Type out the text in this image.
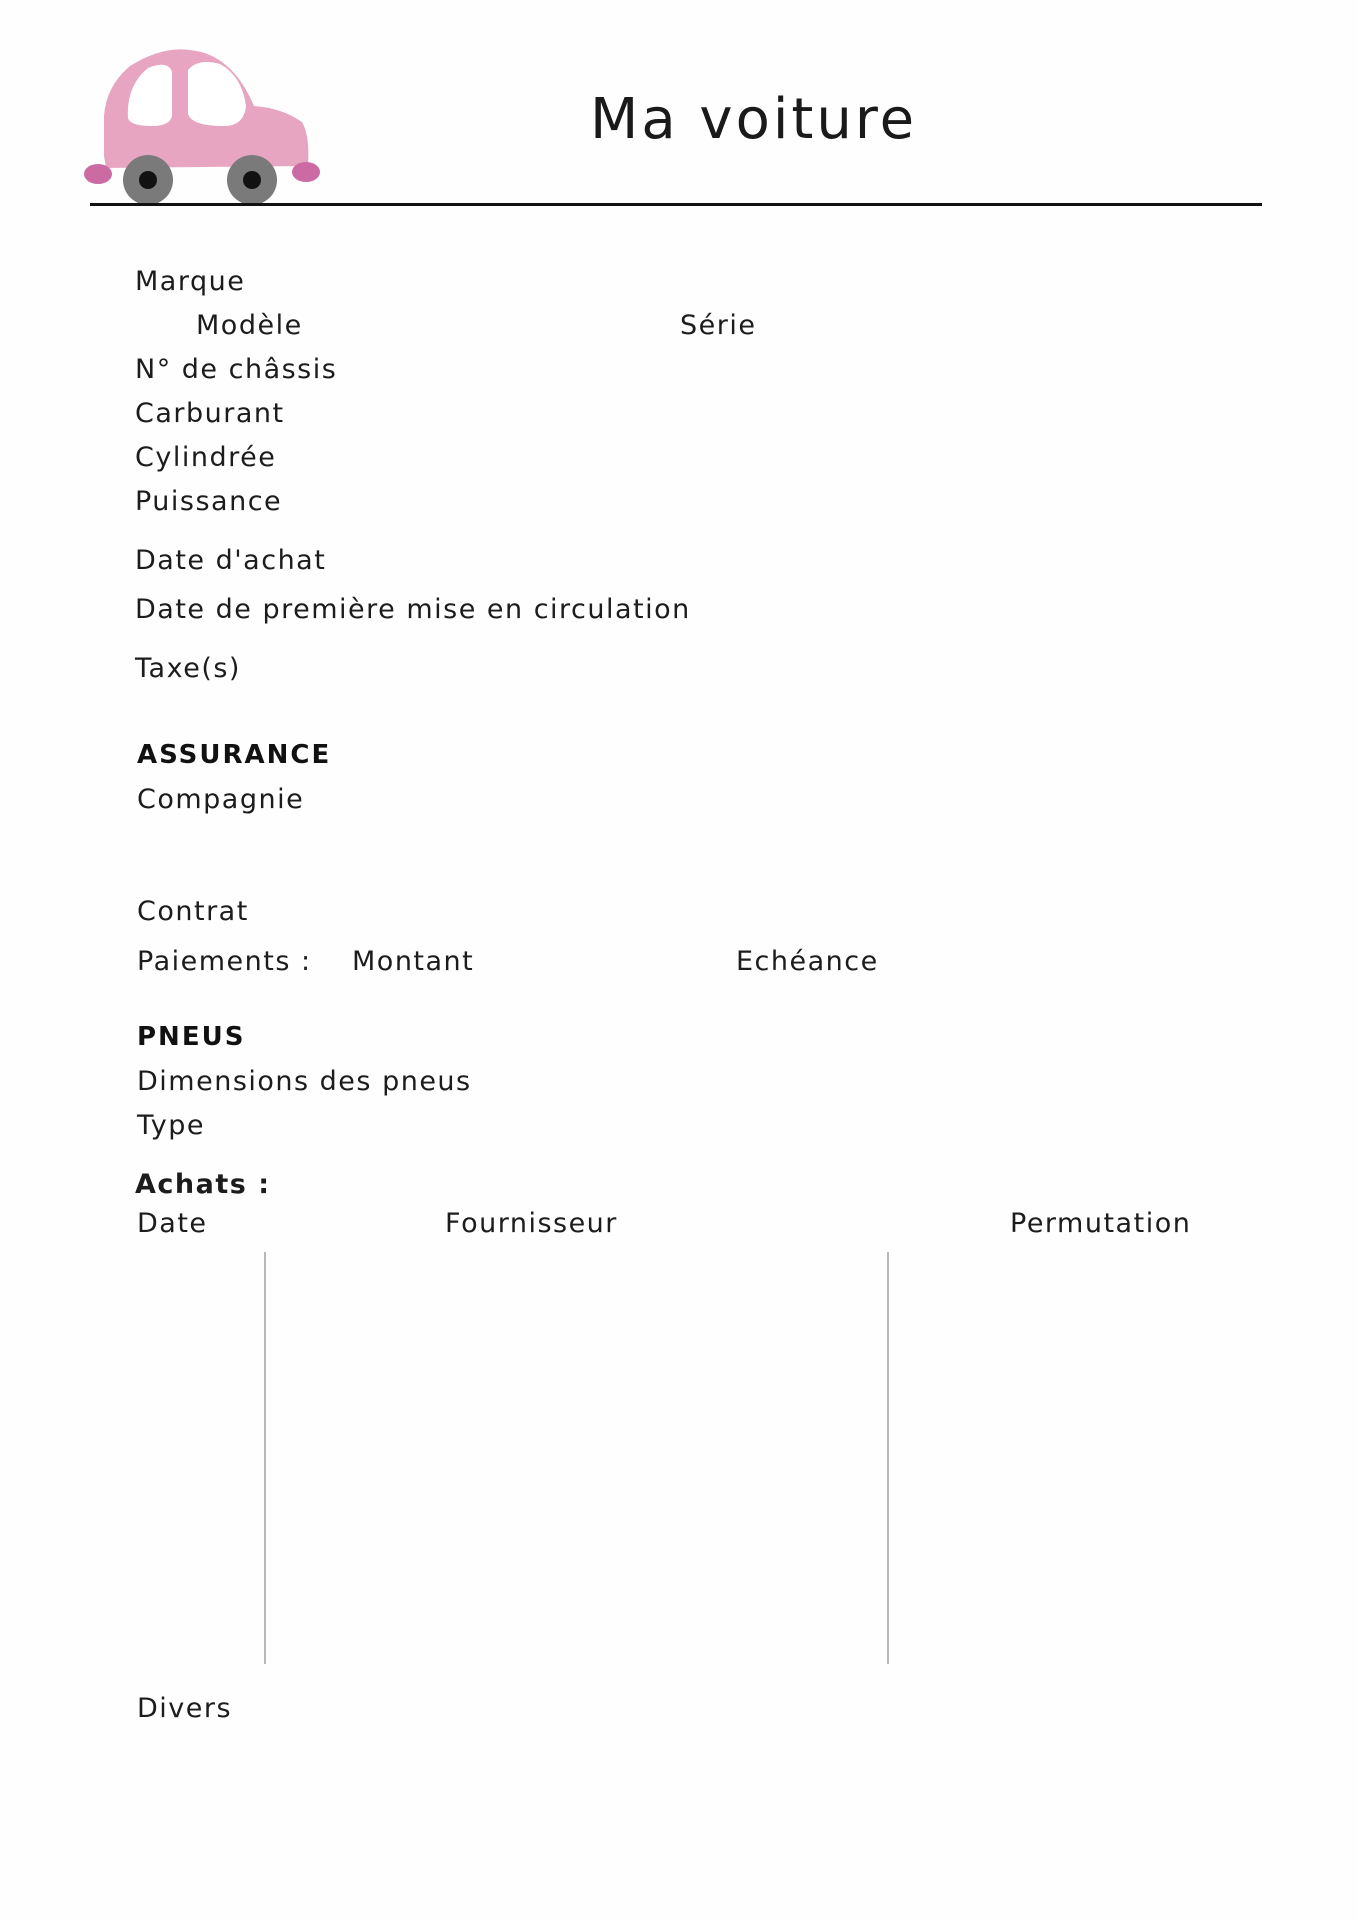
Ma voiture
Marque
Modèle	Série
N° de châssis
Carburant
Cylindrée
Puissance
Date d'achat
Date de première mise en circulation
Taxe(s)
ASSURANCE
Compagnie
Contrat
Paiements : Montant	Echéance
PNEUS
Dimensions des pneus
Type
Achats :
Date	Fournisseur	Permutation
Divers
